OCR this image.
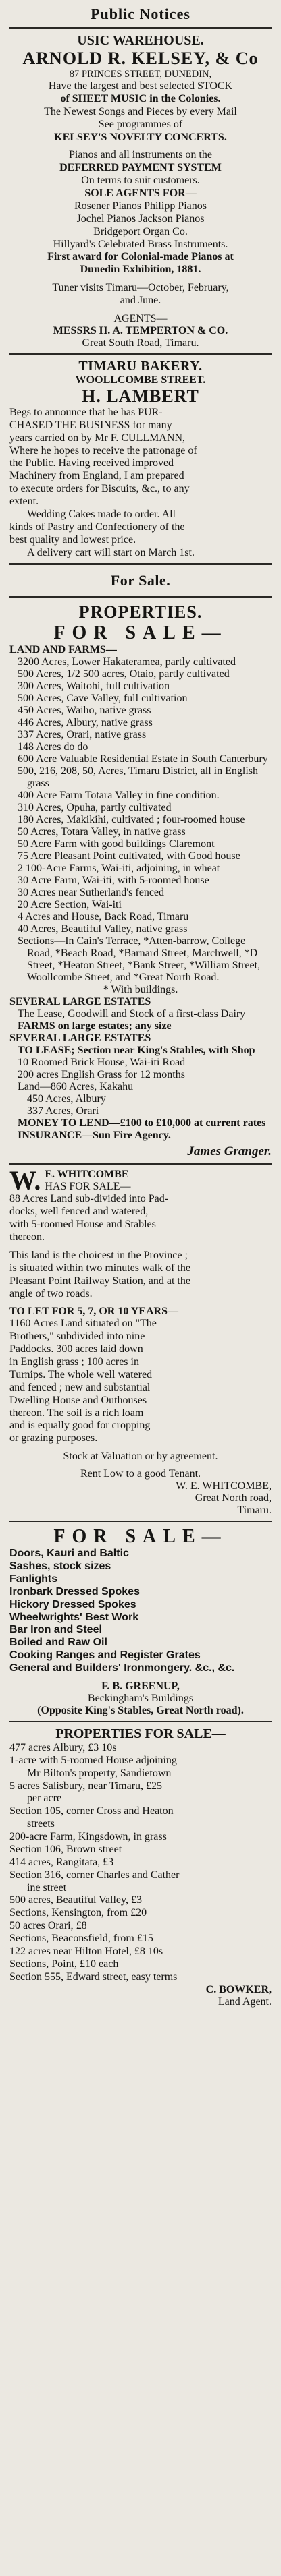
Public Notices
USIC WAREHOUSE.
ARNOLD R. KELSEY, & Co
87 PRINCES STREET, DUNEDIN,
Have the largest and best selected STOCK
of SHEET MUSIC in the Colonies.
The Newest Songs and Pieces by every Mail
See programmes of
KELSEY'S NOVELTY CONCERTS.
Pianos and all instruments on the
DEFERRED PAYMENT SYSTEM
On terms to suit customers.
SOLE AGENTS FOR—
Rosener Pianos Philipp Pianos
Jochel Pianos Jackson Pianos
Bridgeport Organ Co.
Hillyard's Celebrated Brass Instruments.
First award for Colonial-made Pianos at
Dunedin Exhibition, 1881.
Tuner visits Timaru—October, February,
and June.
AGENTS—
MESSRS H. A. TEMPERTON & CO.
Great South Road, Timaru.
TIMARU BAKERY.
WOOLLCOMBE STREET.
H. LAMBERT
Begs to announce that he has PUR-
CHASED THE BUSINESS for many
years carried on by Mr F. CULLMANN,
Where he hopes to receive the patronage of
the Public. Having received improved
Machinery from England, I am prepared
to execute orders for Biscuits, &c., to any
extent.
Wedding Cakes made to order. All
kinds of Pastry and Confectionery of the
best quality and lowest price.
A delivery cart will start on March 1st.
For Sale.
PROPERTIES.
FOR SALE—
LAND AND FARMS—
3200 Acres, Lower Hakateramea, partly cultivated
500 Acres, 1/2 500 acres, Otaio, partly cultivated
300 Acres, Waitohi, full cultivation
500 Acres, Cave Valley, full cultivation
450 Acres, Waiho, native grass
446 Acres, Albury, native grass
337 Acres, Orari, native grass
148 Acres do do
600 Acre Valuable Residential Estate in South Canterbury
500, 216, 208, 50, Acres, Timaru District, all in English grass
400 Acre Farm Totara Valley in fine condition.
310 Acres, Opuha, partly cultivated
180 Acres, Makikihi, cultivated ; four-roomed house
50 Acres, Totara Valley, in native grass
50 Acre Farm with good buildings Claremont
75 Acre Pleasant Point cultivated, with Good house
2 100-Acre Farms, Wai-iti, adjoining, in wheat
30 Acre Farm, Wai-iti, with 5-roomed house
30 Acres near Sutherland's fenced
20 Acre Section, Wai-iti
4 Acres and House, Back Road, Timaru
40 Acres, Beautiful Valley, native grass
Sections—In Cain's Terrace, *Atten-barrow, College Road, *Beach Road, *Barnard Street, Marchwell, *D Street, *Heaton Street, *Bank Street, *William Street, Woollcombe Street, and *Great North Road.
* With buildings.
SEVERAL LARGE ESTATES
The Lease, Goodwill and Stock of a first-class Dairy
FARMS on large estates; any size
SEVERAL LARGE ESTATES
TO LEASE; Section near King's Stables, with Shop
10 Roomed Brick House, Wai-iti Road
200 acres English Grass for 12 months
Land—860 Acres, Kakahu
450 Acres, Albury
337 Acres, Orari
MONEY TO LEND—£100 to £10,000 at current rates
INSURANCE—Sun Fire Agency.
James Granger.
W. E. WHITCOMBE
HAS FOR SALE—
88 Acres Land sub-divided into Pad-
docks, well fenced and watered,
with 5-roomed House and Stables
thereon.
This land is the choicest in the Province ;
is situated within two minutes walk of the
Pleasant Point Railway Station, and at the
angle of two roads.
TO LET FOR 5, 7, OR 10 YEARS—
1160 Acres Land situated on "The
Brothers," subdivided into nine
Paddocks. 300 acres laid down
in English grass ; 100 acres in
Turnips. The whole well watered
and fenced ; new and substantial
Dwelling House and Outhouses
thereon. The soil is a rich loam
and is equally good for cropping
or grazing purposes.
Stock at Valuation or by agreement.
Rent Low to a good Tenant.
W. E. WHITCOMBE,
Great North road,
Timaru.
FOR SALE—
Doors, Kauri and Baltic
Sashes, stock sizes
Fanlights
Ironbark Dressed Spokes
Hickory Dressed Spokes
Wheelwrights' Best Work
Bar Iron and Steel
Boiled and Raw Oil
Cooking Ranges and Register Grates
General and Builders' Ironmongery. &c., &c.
F. B. GREENUP,
Beckingham's Buildings
(Opposite King's Stables, Great North road).
PROPERTIES FOR SALE—
477 acres Albury, £3 10s
1-acre with 5-roomed House adjoining
Mr Bilton's property, Sandietown
5 acres Salisbury, near Timaru, £25
per acre
Section 105, corner Cross and Heaton
streets
200-acre Farm, Kingsdown, in grass
Section 106, Brown street
414 acres, Rangitata, £3
Section 316, corner Charles and Cather
ine street
500 acres, Beautiful Valley, £3
Sections, Kensington, from £20
50 acres Orari, £8
Sections, Beaconsfield, from £15
122 acres near Hilton Hotel, £8 10s
Sections, Point, £10 each
Section 555, Edward street, easy terms
C. BOWKER,
Land Agent.
